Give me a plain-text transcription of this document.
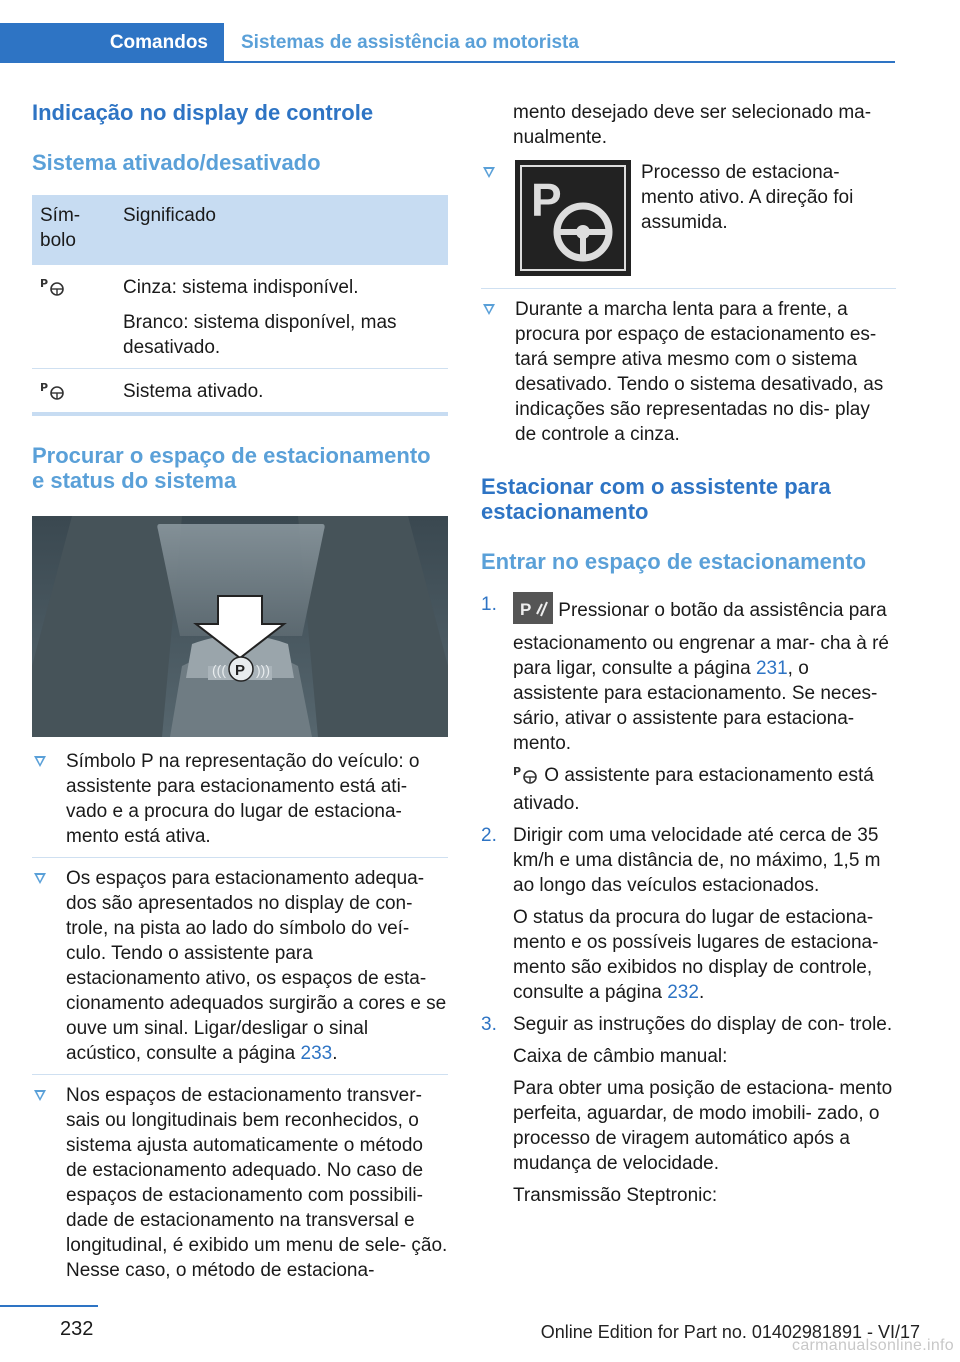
Comandos	Sistemas de assistência ao motorista
Indicação no display de controle
Sistema ativado/desativado
Sím‐
bolo	Significado

P	Cinza: sistema indisponível.

Branco: sistema disponível, mas desativado.

P	Sistema ativado.

Procurar o espaço de estacionamento e status do sistema
P
((( )))
Símbolo P na representação do veículo: o assistente para estacionamento está ati‐ vado e a procura do lugar de estaciona‐ mento está ativa.
Os espaços para estacionamento adequa‐ dos são apresentados no display de con‐ trole, na pista ao lado do símbolo do veí‐ culo. Tendo o assistente para estacionamento ativo, os espaços de esta‐ cionamento adequados surgirão a cores e se ouve um sinal. Ligar/desligar o sinal acústico, consulte a página 233.
Nos espaços de estacionamento transver‐ sais ou longitudinais bem reconhecidos, o sistema ajusta automaticamente o método de estacionamento adequado. No caso de espaços de estacionamento com possibili‐ dade de estacionamento na transversal e longitudinal, é exibido um menu de sele‐ ção. Nesse caso, o método de estaciona‐

mento desejado deve ser selecionado ma‐ nualmente.

P

Processo de estaciona‐ mento ativo. A direção foi assumida.

Durante a marcha lenta para a frente, a procura por espaço de estacionamento es‐ tará sempre ativa mesmo com o sistema desativado. Tendo o sistema desativado, as indicações são representadas no dis‐ play de controle a cinza.
Estacionar com o assistente para estacionamento
Entrar no espaço de estacionamento
1. P Pressionar o botão da assistência para estacionamento ou engrenar a mar‐ cha à ré para ligar, consulte a página 231, o assistente para estacionamento. Se neces‐ sário, ativar o assistente para estaciona‐ mento.

P O assistente para estacionamento está ativado.

2. Dirigir com uma velocidade até cerca de 35 km/h e uma distância de, no máximo, 1,5 m ao longo das veículos estacionados.

O status da procura do lugar de estaciona‐ mento e os possíveis lugares de estaciona‐ mento são exibidos no display de controle, consulte a página 232.

3. Seguir as instruções do display de con‐ trole.

Caixa de câmbio manual:

Para obter uma posição de estaciona‐ mento perfeita, aguardar, de modo imobili‐ zado, o processo de viragem automático após a mudança de velocidade.

Transmissão Steptronic:

232	Online Edition for Part no. 01402981891 - VI/17
carmanualsonline.info
